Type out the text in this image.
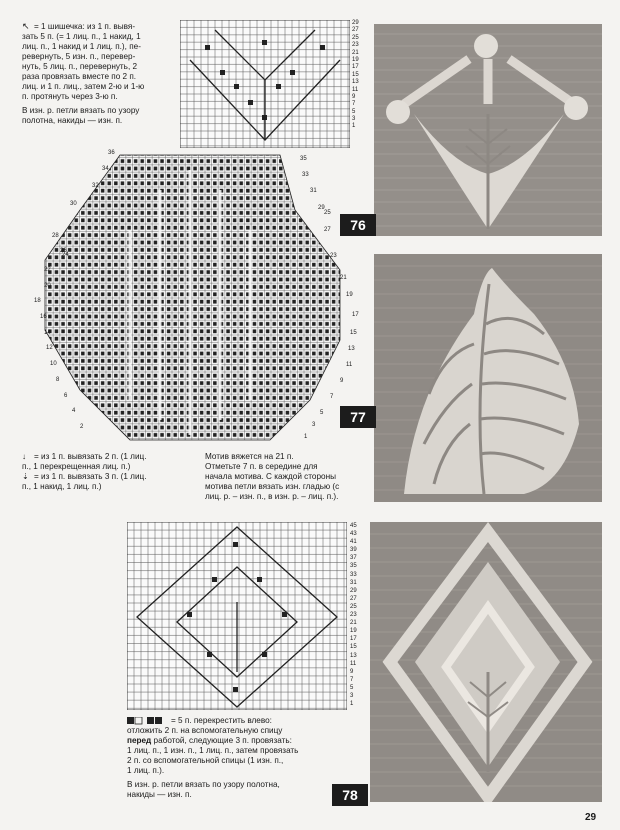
↖ = 1 шишечка: из 1 п. вывя-
зать 5 п. (= 1 лиц. п., 1 накид, 1
лиц. п., 1 накид и 1 лиц. п.), пе-
ревернуть, 5 изн. п., перевер-
нуть, 5 лиц. п., перевернуть, 2
раза провязать вместе по 2 п.
лиц. и 1 п. лиц., затем 2-ю и 1-ю
п. протянуть через 3-ю п.
В изн. р. петли вязать по узору
полотна, накиды — изн. п.
29
27
25
23
21
19
17
15
13
11
9
7
5
3
1
76
36
34
32
30
28
26
24
22
20
18
16
14
12
10
8
6
4
2
35
33
31
29
27
25
23
21
19
17
15
13
11
9
7
5
3
1
77
↓ = из 1 п. вывязать 2 п. (1 лиц.
п., 1 перекрещенная лиц. п.)
⇣ = из 1 п. вывязать 3 п. (1 лиц.
п., 1 накид, 1 лиц. п.)
Мотив вяжется на 21 п.
Отметьте 7 п. в середине для
начала мотива. С каждой стороны
мотива петли вязать изн. гладью (с
лиц. р. – изн. п., в изн. р. – лиц. п.).
45
43
41
39
37
35
33
31
29
27
25
23
21
19
17
15
13
11
9
7
5
3
1
78
= 5 п. перекрестить влево:
отложить 2 п. на вспомогательную спицу
перед работой, следующие 3 п. провязать:
1 лиц. п., 1 изн. п., 1 лиц. п., затем провязать
2 п. со вспомогательной спицы (1 изн. п.,
1 лиц. п.).
В изн. р. петли вязать по узору полотна,
накиды — изн. п.
29
